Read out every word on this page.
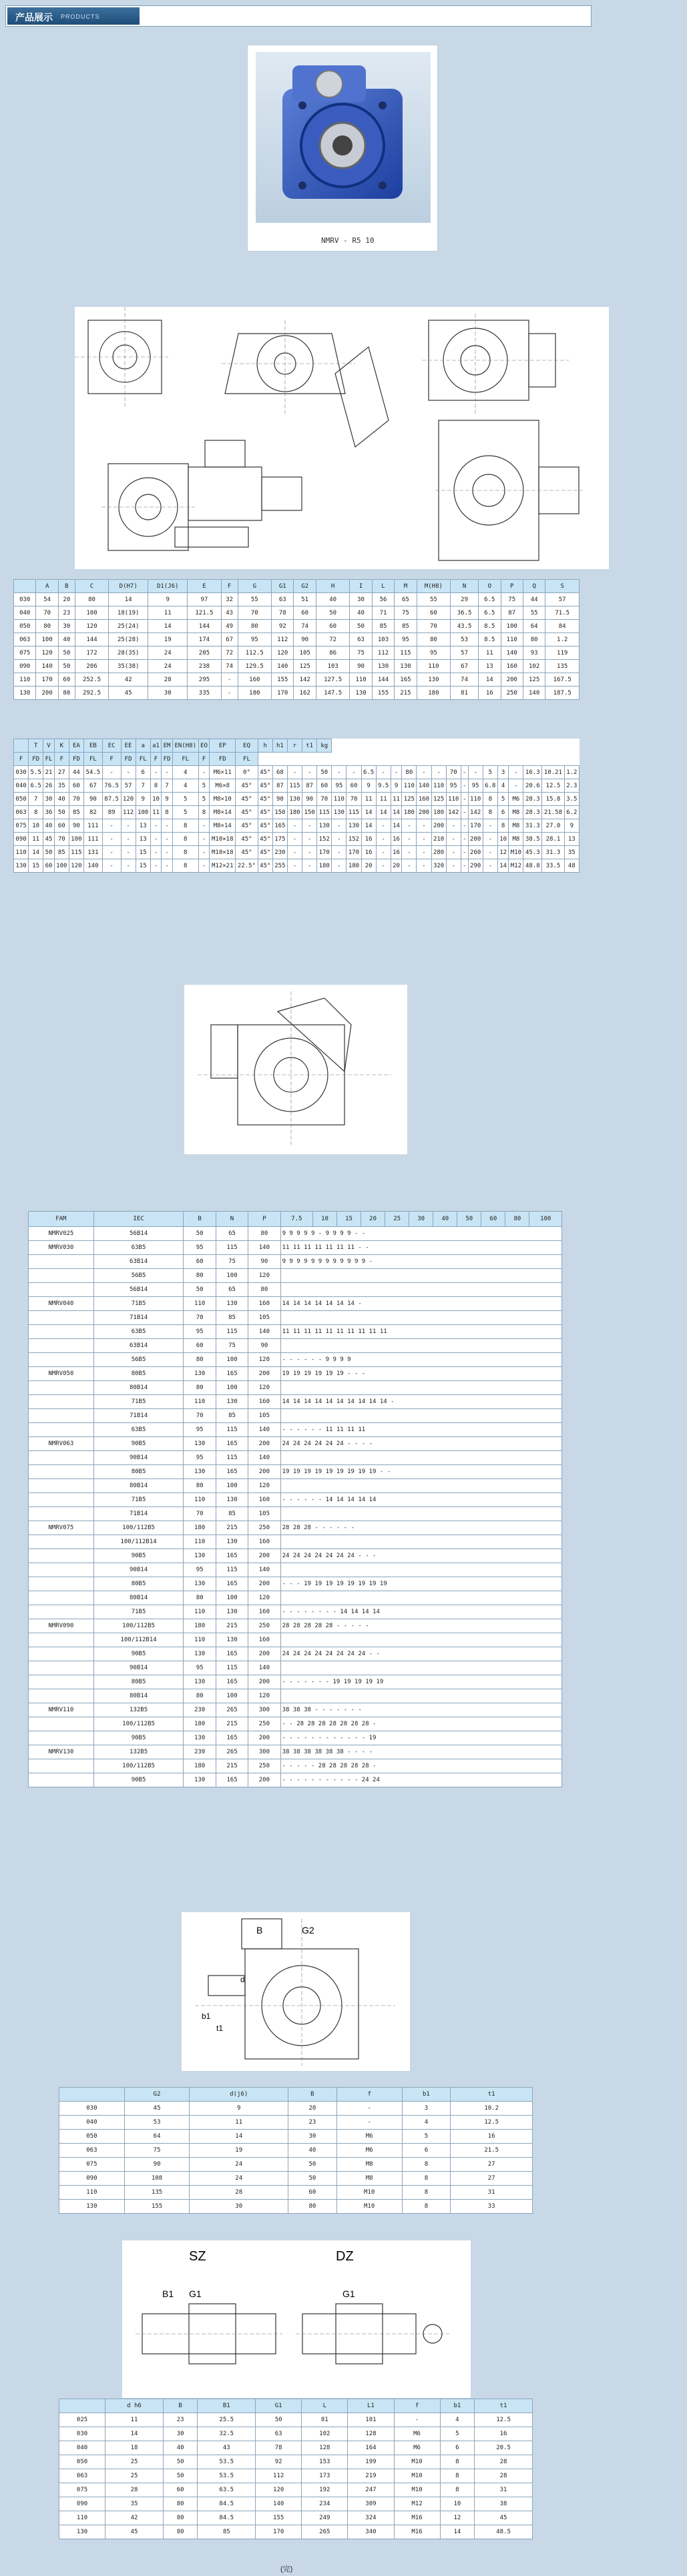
产品展示 PRODUCTS
NMRV - R5 10
	A	B	C	D(H7)	D1(J6)	E	F	G	G1	G2	H	I	L	M	M(H8)	N	O	P	Q	S
030	54	20	80	14	9	97	32	55	63	51	40	30	56	65	55	29	6.5	75	44	57
040	70	23	100	18(19)	11	121.5	43	70	78	60	50	40	71	75	60	36.5	6.5	87	55	71.5
050	80	30	120	25(24)	14	144	49	80	92	74	60	50	85	85	70	43.5	8.5	100	64	84
063	100	40	144	25(28)	19	174	67	95	112	90	72	63	103	95	80	53	8.5	110	80	1.2
075	120	50	172	28(35)	24	205	72	112.5	120	105	86	75	112	115	95	57	11	140	93	119
090	140	50	206	35(38)	24	238	74	129.5	140	125	103	90	130	130	110	67	13	160	102	135
110	170	60	252.5	42	28	295	-	160	155	142	127.5	110	144	165	130	74	14	200	125	167.5
130	200	80	292.5	45	30	335	-	180	170	162	147.5	130	155	215	180	81	16	250	140	187.5
	T	V	K	EA	EB	EC	EE	a	a1	EM	EN(H8)	EO	EP	EQ	h	h1	r	t1	kg																	
F	FD	FL	F	FD	FL	F	FD	FL	F	FD	FL	F	FD	FL																						
030	5.5	21	27	44	54.5	-	-	6	-	-	4	-	M6×11	0°	45°	68	-	-	50	-	-	6.5	-	-	80	-	-	70	-	-	5	3	-	16.3	10.21	1.2
040	6.5	26	35	60	67	76.5	57	7	8	7	4	5	M6×8	45°	45°	87	115	87	60	95	60	9	9.5	9	110	140	110	95	-	95	6.8	4	-	20.6	12.5	2.3
050	7	30	40	70	90	87.5	120	9	10	9	5	5	M8×10	45°	45°	90	130	90	70	110	70	11	11	11	125	160	125	110	-	110	8	5	M6	28.3	15.8	3.5
063	8	36	50	85	82	89	112	100	11	8	5	8	M8×14	45°	45°	150	180	150	115	130	115	14	14	14	180	200	180	142	-	142	8	6	M8	28.3	21.58	6.2
075	10	40	60	90	111	-	-	13	-	-	8	-	M8×14	45°	45°	165	-	-	130	-	130	14	-	14	-	-	200	-	-	170	-	8	M8	31.3	27.0	9
090	11	45	70	100	111	-	-	13	-	-	8	-	M10×18	45°	45°	175	-	-	152	-	152	16	-	16	-	-	210	-	-	200	-	10	M8	38.5	28.1	13
110	14	50	85	115	131	-	-	15	-	-	8	-	M10×18	45°	45°	230	-	-	170	-	170	16	-	16	-	-	280	-	-	260	-	12	M10	45.3	31.3	35
130	15	60	100	120	140	-	-	15	-	-	8	-	M12×21	22.5°	45°	255	-	-	180	-	180	20	-	20	-	-	320	-	-	290	-	14	M12	48.8	33.5	48
FAM	IEC	B	N	P	7.5	10	15	20	25	30	40	50	60	80	100
NMRV025	56B14	50	65	80	9 9 9 9 9 - 9 9 9 9 - -										
NMRV030	63B5	95	115	140	11 11 11 11 11 11 11 - -										
	63B14	60	75	90	9 9 9 9 9 9 9 9 9 9 9 9 -										
	56B5	80	100	120											
	56B14	50	65	80											
NMRV040	71B5	110	130	160	14 14 14 14 14 14 14 -										
	71B14	70	85	105											
	63B5	95	115	140	11 11 11 11 11 11 11 11 11 11										
	63B14	60	75	90											
	56B5	80	100	120	- - - - - - 9 9 9 9										
NMRV050	80B5	130	165	200	19 19 19 19 19 19 - - -										
	80B14	80	100	120											
	71B5	110	130	160	14 14 14 14 14 14 14 14 14 14 -										
	71B14	70	85	105											
	63B5	95	115	140	- - - - - - 11 11 11 11										
NMRV063	90B5	130	165	200	24 24 24 24 24 24 - - - -										
	90B14	95	115	140											
	80B5	130	165	200	19 19 19 19 19 19 19 19 19 - -										
	80B14	80	100	120											
	71B5	110	130	160	- - - - - - 14 14 14 14 14										
	71B14	70	85	105											
NMRV075	100/112B5	180	215	250	28 28 28 - - - - - -										
	100/112B14	110	130	160											
	90B5	130	165	200	24 24 24 24 24 24 24 - - -										
	90B14	95	115	140											
	80B5	130	165	200	- - - 19 19 19 19 19 19 19 19										
	80B14	80	100	120											
	71B5	110	130	160	- - - - - - - - 14 14 14 14										
NMRV090	100/112B5	180	215	250	28 28 28 28 28 - - - - -										
	100/112B14	110	130	160											
	90B5	130	165	200	24 24 24 24 24 24 24 24 - -										
	90B14	95	115	140											
	80B5	130	165	200	- - - - - - - 19 19 19 19 19										
	80B14	80	100	120											
NMRV110	132B5	230	265	300	38 38 38 - - - - - - -										
	100/112B5	180	215	250	- - 28 28 28 28 28 28 28 -										
	90B5	130	165	200	- - - - - - - - - - - - 19										
NMRV130	132B5	230	265	300	38 38 38 38 38 38 - - - -										
	100/112B5	180	215	250	- - - - - 28 28 28 28 28 -										
	90B5	130	165	200	- - - - - - - - - - - 24 24										
B	G2
d
b1
t1
	G2	d(j6)	B	f	b1	t1
030	45	9	20	-	3	10.2
040	53	11	23	-	4	12.5
050	64	14	30	M6	5	16
063	75	19	40	M6	6	21.5
075	90	24	50	M8	8	27
090	108	24	50	M8	8	27
110	135	28	60	M10	8	31
130	155	30	80	M10	8	33
SZ	DZ
B1 G1	G1
	d h6	B	B1	G1	L	L1	f	b1	t1
025	11	23	25.5	50	81	101	-	4	12.5
030	14	30	32.5	63	102	128	M6	5	16
040	18	40	43	78	128	164	M6	6	20.5
050	25	50	53.5	92	153	199	M10	8	28
063	25	50	53.5	112	173	219	M10	8	28
075	28	60	63.5	120	192	247	M10	8	31
090	35	80	84.5	140	234	309	M12	10	38
110	42	80	84.5	155	249	324	M16	12	45
130	45	80	85	170	265	340	M16	14	48.5
(完)
